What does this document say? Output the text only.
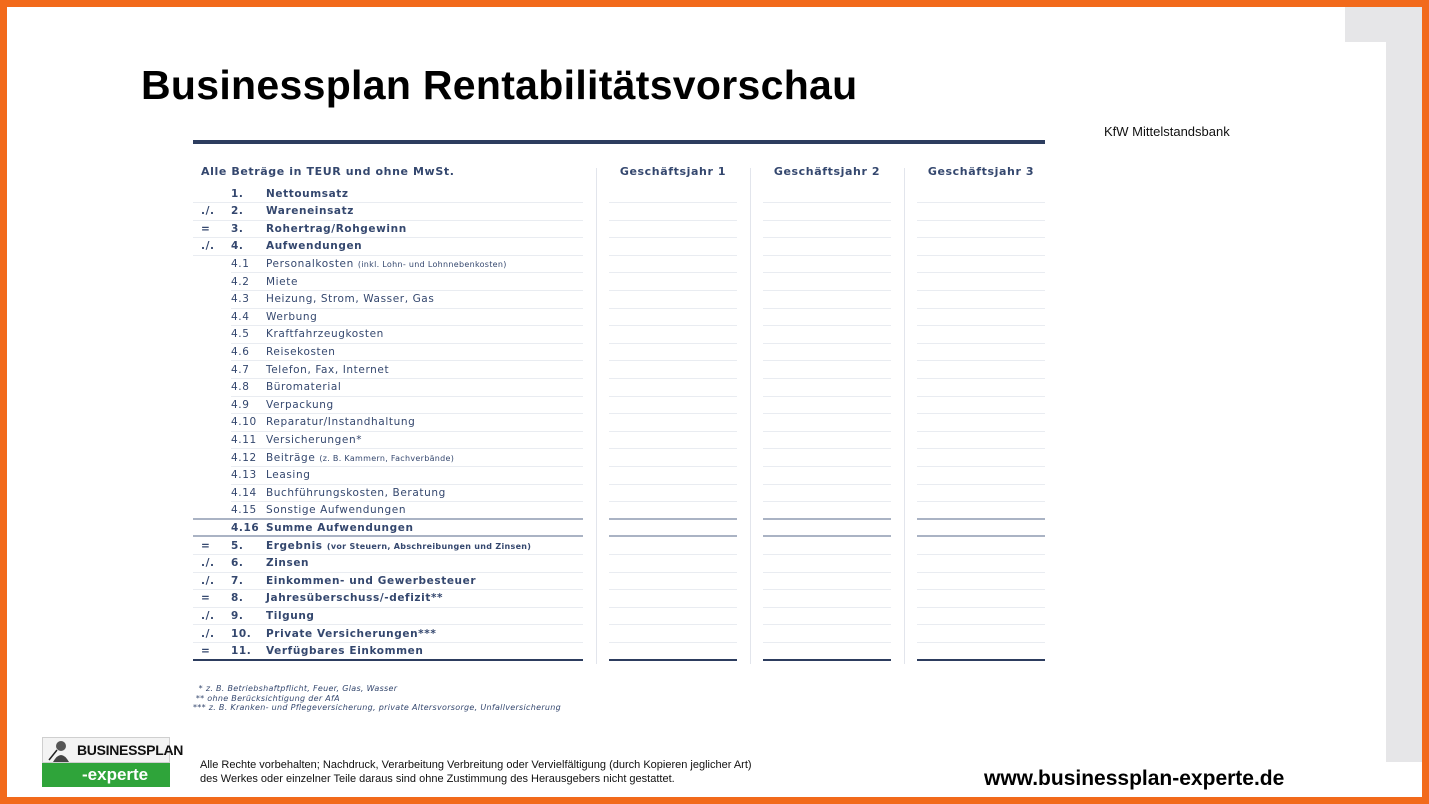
Businessplan Rentabilitätsvorschau
KfW Mittelstandsbank
Alle Beträge in TEUR und ohne MwSt.	Geschäftsjahr 1	Geschäftsjahr 2	Geschäftsjahr 3
1. Nettoumsatz
./.	2. Wareneinsatz
=	3. Rohertrag/Rohgewinn
./.	4. Aufwendungen
4.1 Personalkosten (inkl. Lohn- und Lohnnebenkosten)
4.2 Miete
4.3 Heizung, Strom, Wasser, Gas
4.4 Werbung
4.5 Kraftfahrzeugkosten
4.6 Reisekosten
4.7 Telefon, Fax, Internet
4.8 Büromaterial
4.9 Verpackung
4.10 Reparatur/Instandhaltung
4.11 Versicherungen*
4.12 Beiträge (z. B. Kammern, Fachverbände)
4.13 Leasing
4.14 Buchführungskosten, Beratung
4.15 Sonstige Aufwendungen
4.16 Summe Aufwendungen
=	5. Ergebnis (vor Steuern, Abschreibungen und Zinsen)
./.	6. Zinsen
./.	7. Einkommen- und Gewerbesteuer
=	8. Jahresüberschuss/-defizit**
./.	9. Tilgung
./.	10. Private Versicherungen***
=	11. Verfügbares Einkommen
* z. B. Betriebshaftpflicht, Feuer, Glas, Wasser
** ohne Berücksichtigung der AfA
*** z. B. Kranken- und Pflegeversicherung, private Altersvorsorge, Unfallversicherung
BUSINESSPLAN
-experte	Alle Rechte vorbehalten; Nachdruck, Verarbeitung Verbreitung oder Vervielfältigung (durch Kopieren jeglicher Art)
des Werkes oder einzelner Teile daraus sind ohne Zustimmung des Herausgebers nicht gestattet.	www.businessplan-experte.de
